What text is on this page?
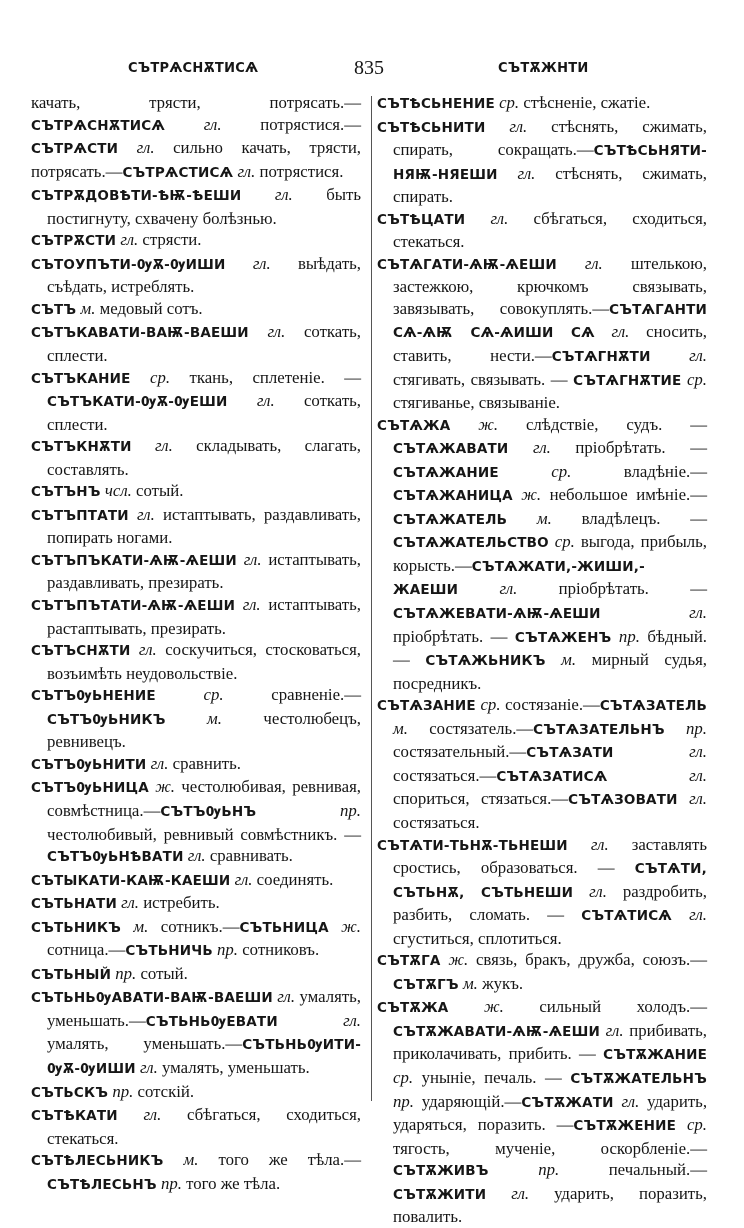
СЪТРѦСНѪТИСѦ	835	СЪТѪЖНТИ

качать, трясти, потрясать.—СЪТРѦСНѪТИСѦ гл. потрястися.—СЪТРѦСТИ гл. сильно качать, трясти, потрясать.—СЪТРѦСТИСѦ гл. потрястися.

СЪТРѪДОВѢТИ-ѢѬ-ѢЕШИ гл. быть постигнуту, схвачену болѣзнью.

СЪТРѪСТИ гл. стрясти.

СЪТОУПЪТИ-ѸѪ-ѸИШИ гл. выѣдать, съѣдать, истреблять.

СЪТЪ м. медовый сотъ.

СЪТЪКАВАТИ-ВАѬ-ВАЕШИ гл. соткать, сплести.

СЪТЪКАНИЕ ср. ткань, сплетеніе. — СЪТЪКАТИ-ѸѪ-ѸЕШИ гл. соткать, сплести.

СЪТЪКНѪТИ гл. складывать, слагать, составлять.

СЪТЪНЪ чсл. сотый.

СЪТЪПТАТИ гл. истаптывать, раздавливать, попирать ногами.

СЪТЪПЪКАТИ-ѦѬ-ѦЕШИ гл. истаптывать, раздавливать, презирать.

СЪТЪПЪТАТИ-ѦѬ-ѦЕШИ гл. истаптывать, растаптывать, презирать.

СЪТЪСНѪТИ гл. соскучиться, стосковаться, возъимѣть неудовольствіе.

СЪТЪѸЬНЕНИЕ ср. сравненіе.—СЪТЪѸЬНИКЪ м. честолюбецъ, ревнивецъ.

СЪТЪѸЬНИТИ гл. сравнить.

СЪТЪѸЬНИЦА ж. честолюбивая, ревнивая, совмѣстница.—СЪТЪѸЬНЪ пр. честолюбивый, ревнивый совмѣстникъ. — СЪТЪѸЬНѢВАТИ гл. сравнивать.

СЪТЫКАТИ-КАѬ-КАЕШИ гл. соединять.

СЪТЬНАТИ гл. истребить.

СЪТЬНИКЪ м. сотникъ.—СЪТЬНИЦА ж. сотница.—СЪТЬНИЧЬ пр. сотниковъ.

СЪТЬНЫЙ пр. сотый.

СЪТЬНЬѸАВАТИ-ВАѬ-ВАЕШИ гл. умалять, уменьшать.—СЪТЬНЬѸЕВАТИ гл. умалять, уменьшать.—СЪТЬНЬѸИТИ-ѸѪ-ѸИШИ гл. умалять, уменьшать.

СЪТЬСКЪ пр. сотскій.

СЪТѢКАТИ гл. сбѣгаться, сходиться, стекаться.

СЪТѢЛЕСЬНИКЪ м. того же тѣла.—СЪТѢЛЕСЬНЪ пр. того же тѣла.

СЪТѢСЬНЕНИЕ ср. стѣсненіе, сжатіе.

СЪТѢСЬНИТИ гл. стѣснять, сжимать, спирать, сокращать.—СЪТѢСЬНЯТИ-НЯѬ-НЯЕШИ гл. стѣснять, сжимать, спирать.

СЪТѢЦАТИ гл. сбѣгаться, сходиться, стекаться.

СЪТѦГАТИ-ѦѬ-ѦЕШИ гл. штелькою, застежкою, крючкомъ связывать, завязывать, совокуплять.—СЪТѦГАНТИ СѦ-ѦѬ СѦ-ѦИШИ СѦ гл. сносить, ставить, нести.—СЪТѦГНѪТИ гл. стягивать, связывать. — СЪТѦГНѪТИЕ ср. стягиванье, связываніе.

СЪТѦЖА ж. слѣдствіе, судъ. — СЪТѦЖАВАТИ гл. пріобрѣтать. — СЪТѦЖАНИЕ ср. владѣніе.—СЪТѦЖАНИЦА ж. небольшое имѣніе.—СЪТѦЖАТЕЛЬ м. владѣлецъ. — СЪТѦЖАТЕЛЬСТВО ср. выгода, прибыль, корысть.—СЪТѦЖАТИ,-ЖИШИ,-ЖАЕШИ гл. пріобрѣтать. — СЪТѦЖЕВАТИ-ѦѬ-ѦЕШИ гл. пріобрѣтать. — СЪТѦЖЕНЪ пр. бѣдный. — СЪТѦЖЬНИКЪ м. мирный судья, посредникъ.

СЪТѦЗАНИЕ ср. состязаніе.—СЪТѦЗАТЕЛЬ м. состязатель.—СЪТѦЗАТЕЛЬНЪ пр. состязательный.—СЪТѦЗАТИ гл. состязаться.—СЪТѦЗАТИСѦ гл. спориться, стязаться.—СЪТѦЗОВАТИ гл. состязаться.

СЪТѦТИ-ТЬНѪ-ТЬНЕШИ гл. заставлять сростись, образоваться. — СЪТѦТИ, СЪТЬНѪ, СЪТЬНЕШИ гл. раздробить, разбить, сломать. — СЪТѦТИСѦ гл. сгуститься, сплотиться.

СЪТѪГА ж. связь, бракъ, дружба, союзъ.—СЪТѪГЪ м. жукъ.

СЪТѪЖА ж. сильный холодъ.—СЪТѪЖАВАТИ-ѦѬ-ѦЕШИ гл. прибивать, приколачивать, прибить. — СЪТѪЖАНИЕ ср. уныніе, печаль. — СЪТѪЖАТЕЛЬНЪ пр. ударяющій.—СЪТѪЖАТИ гл. ударить, ударяться, поразить. —СЪТѪЖЕНИЕ ср. тягость, мученіе, оскорбленіе.—СЪТѪЖИВЪ пр. печальный.—СЪТѪЖИТИ гл. ударить, поразить, повалить.
